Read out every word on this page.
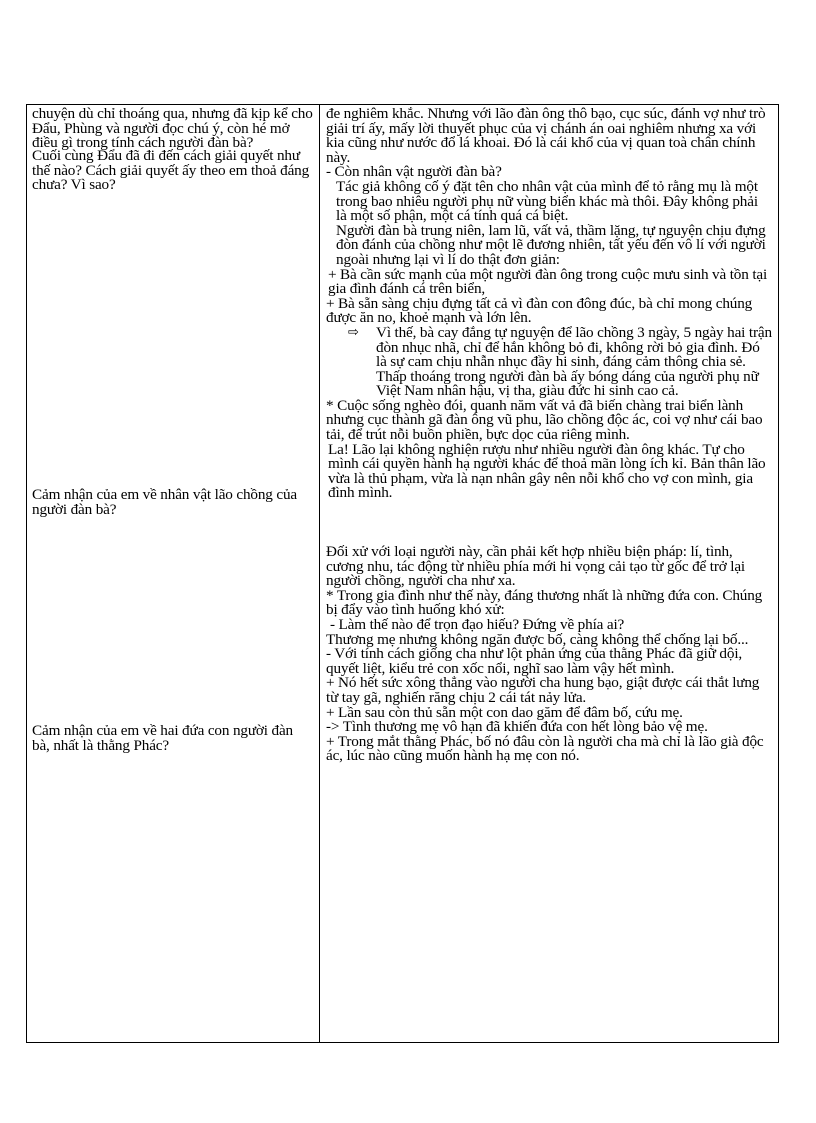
chuyện dù chỉ thoáng qua, nhưng đã kịp kể cho Đẩu, Phùng và người đọc chú ý, còn hé mở điều gì trong tính cách người đàn bà?

Cuối cùng Đẩu đã đi đến cách giải quyết như thế nào? Cách giải quyết ấy theo em thoả đáng chưa? Vì sao?

Cảm nhận của em về nhân vật lão chồng của người đàn bà?

Cảm nhận của em về hai đứa con người đàn bà, nhất là thằng Phác?

đe nghiêm khắc. Nhưng với lão đàn ông thô bạo, cục súc, đánh vợ như trò giải trí ấy, mấy lời thuyết phục của vị chánh án oai nghiêm nhưng xa với kia cũng như nước đổ lá khoai. Đó là cái khổ của vị quan toà chân chính này.

- Còn nhân vật người đàn bà?

Tác giả không cố ý đặt tên cho nhân vật của mình để tỏ rằng mụ là một trong bao nhiêu người phụ nữ vùng biển khác mà thôi. Đây không phải là một số phận, một cá tính quá cá biệt.

Người đàn bà trung niên, lam lũ, vất vả, thầm lặng, tự nguyện chịu đựng đòn đánh của chồng như một lẽ đương nhiên, tất yếu đến vô lí với người ngoài nhưng lại vì lí do thật đơn giản:

+ Bà cần sức mạnh của một người đàn ông trong cuộc mưu sinh và tồn tại gia đình đánh cá trên biển,

+ Bà sẵn sàng chịu đựng tất cả vì đàn con đông đúc, bà chỉ mong chúng được ăn no, khoẻ mạnh và lớn lên.

⇨	Vì thế, bà cay đắng tự nguyện để lão chồng 3 ngày, 5 ngày hai trận đòn nhục nhã, chỉ để hắn không bỏ đi, không rời bỏ gia đình. Đó là sự cam chịu nhẫn nhục đầy hi sinh, đáng cảm thông chia sẻ. Thấp thoáng trong người đàn bà ấy bóng dáng của người phụ nữ Việt Nam nhân hậu, vị tha, giàu đức hi sinh cao cả.

* Cuộc sống nghèo đói, quanh năm vất vả đã biến chàng trai biển lành nhưng cục thành gã đàn ông vũ phu, lão chồng độc ác, coi vợ như cái bao tải, để trút nỗi buồn phiền, bực dọc của riêng mình.

La! Lão lại không nghiện rượu như nhiều người đàn ông khác. Tự cho mình cái quyền hành hạ người khác để thoả mãn lòng ích kỉ. Bản thân lão vừa là thủ phạm, vừa là nạn nhân gây nên nỗi khổ cho vợ con mình, gia đình mình.

Đối xử với loại người này, cần phải kết hợp nhiều biện pháp: lí, tình, cương nhu, tác động từ nhiều phía mới hi vọng cải tạo từ gốc để trở lại người chồng, người cha như xa.

* Trong gia đình như thế này, đáng thương nhất là những đứa con. Chúng bị đẩy vào tình huống khó xử:

- Làm thế nào để trọn đạo hiếu? Đứng về phía ai?

Thương mẹ nhưng không ngăn được bố, càng không thể chống lại bố...

- Với tính cách giống cha như lột phản ứng của thằng Phác đã giữ dội, quyết liệt, kiểu trẻ con xốc nổi, nghĩ sao làm vậy hết mình.

+ Nó hết sức xông thẳng vào người cha hung bạo, giật được cái thắt lưng từ tay gã, nghiến răng chịu 2 cái tát nảy lửa.

+ Lần sau còn thủ sẵn một con dao găm để đâm bố, cứu mẹ.

-> Tình thương mẹ vô hạn đã khiến đứa con hết lòng bảo vệ mẹ.

+ Trong mắt thằng Phác, bố nó đâu còn là người cha mà chỉ là lão già độc ác, lúc nào cũng muốn hành hạ mẹ con nó.
